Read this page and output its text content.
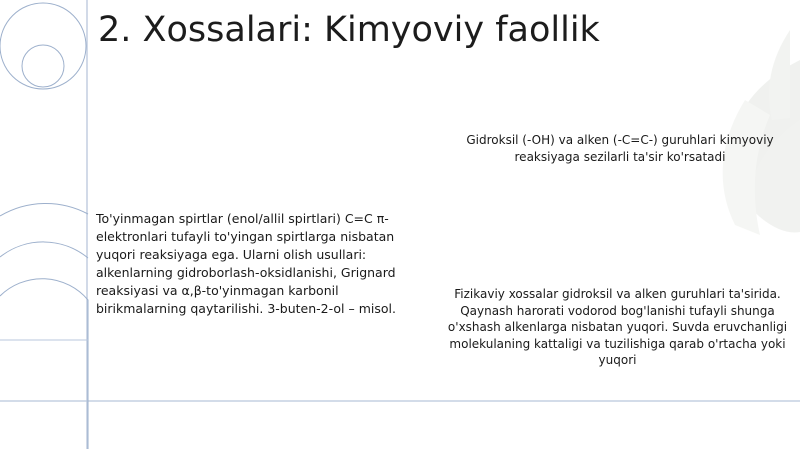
2. Xossalari: Kimyoviy faollik
To'yinmagan spirtlar (enol/allil spirtlari) C=C π-elektronlari tufayli to'yingan spirtlarga nisbatan yuqori reaksiyaga ega. Ularni olish usullari: alkenlarning gidroborlash-oksidlanishi, Grignard reaksiyasi va α,β-to'yinmagan karbonil birikmalarning qaytarilishi. 3-buten-2-ol – misol.
Gidroksil (-OH) va alken (-C=C-) guruhlari kimyoviy reaksiyaga sezilarli ta'sir ko'rsatadi
Fizikaviy xossalar gidroksil va alken guruhlari ta'sirida. Qaynash harorati vodorod bog'lanishi tufayli shunga o'xshash alkenlarga nisbatan yuqori. Suvda eruvchanligi molekulaning kattaligi va tuzilishiga qarab o'rtacha yoki yuqori
